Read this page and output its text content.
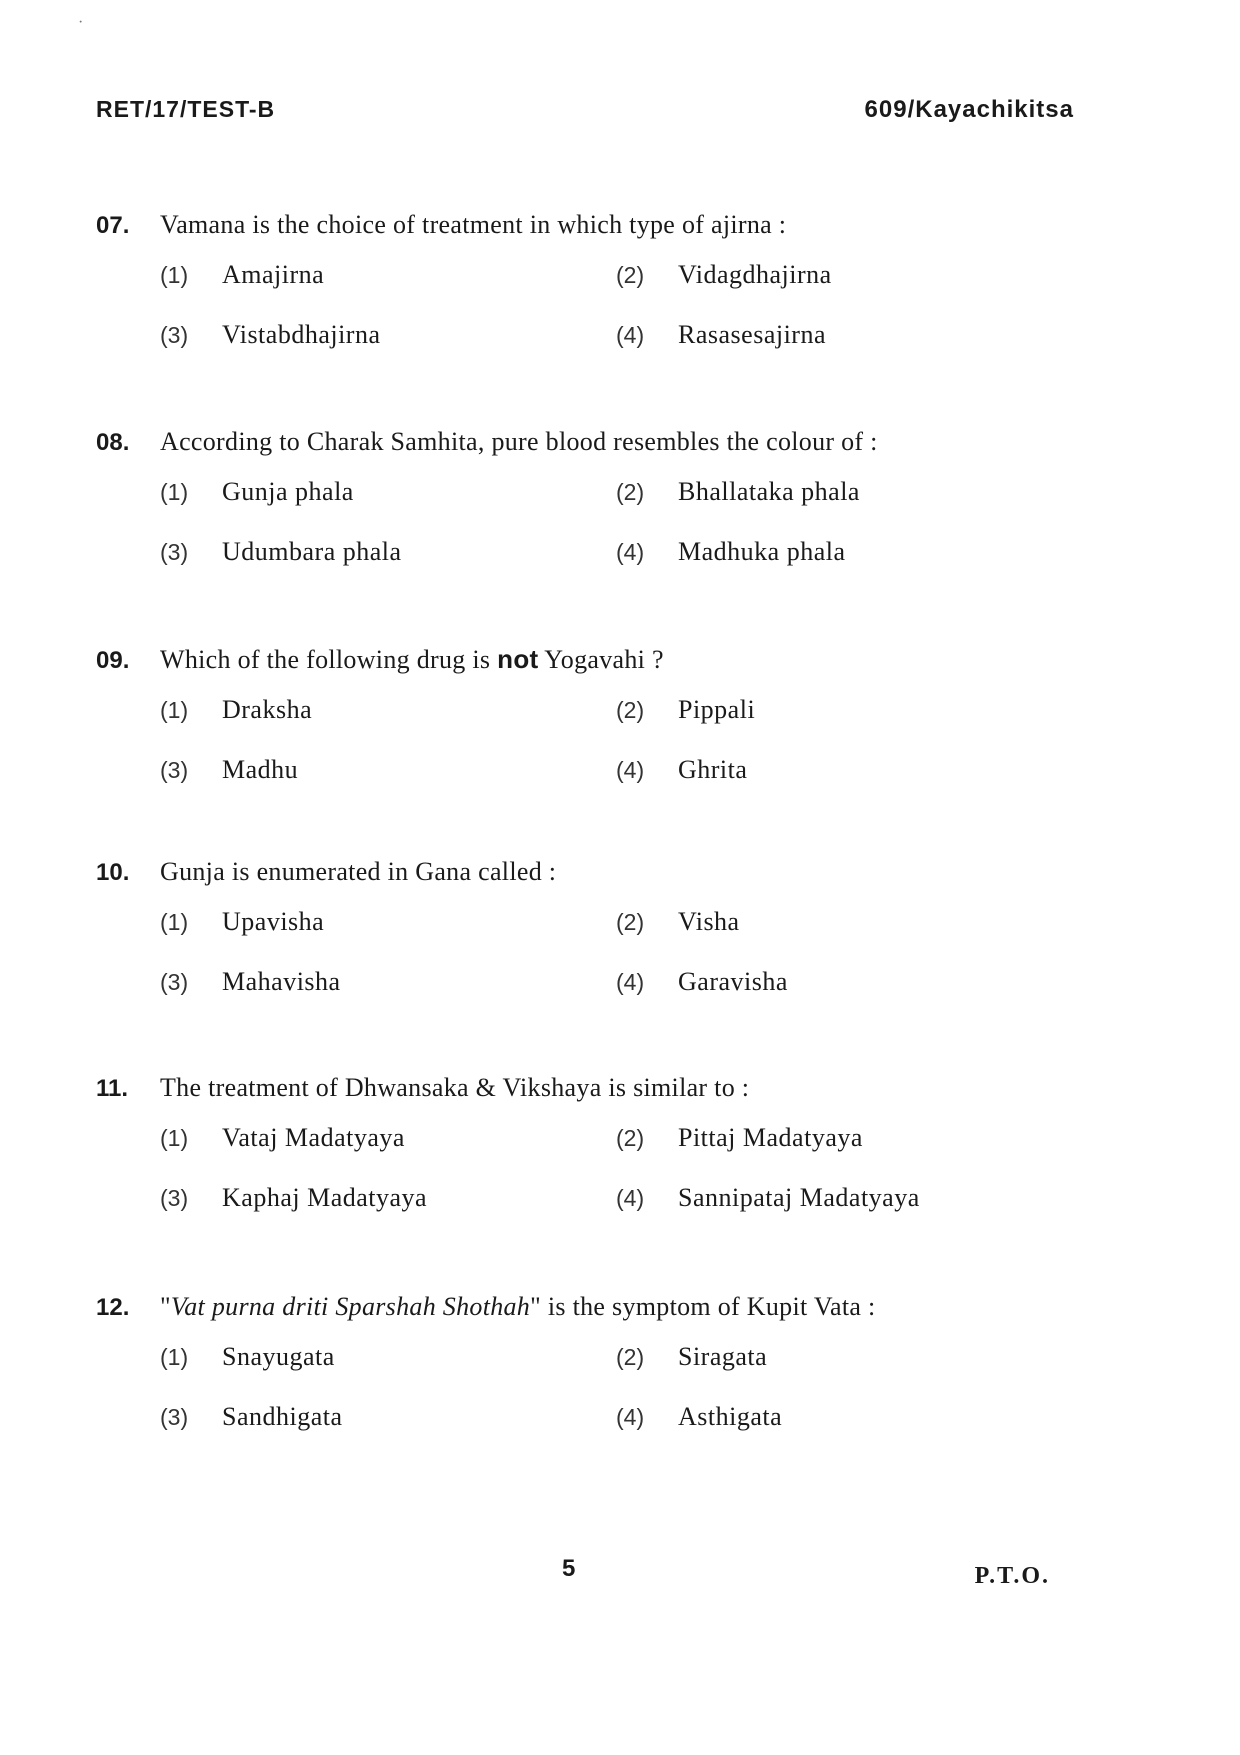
·
RET/17/TEST-B	609/Kayachikitsa
07.	Vamana is the choice of treatment in which type of ajirna :
(1)	Amajirna	(2)	Vidagdhajirna
(3)	Vistabdhajirna	(4)	Rasasesajirna
08.	According to Charak Samhita, pure blood resembles the colour of :
(1)	Gunja phala	(2)	Bhallataka phala
(3)	Udumbara phala	(4)	Madhuka phala
09.	Which of the following drug is not Yogavahi ?
(1)	Draksha	(2)	Pippali
(3)	Madhu	(4)	Ghrita
10.	Gunja is enumerated in Gana called :
(1)	Upavisha	(2)	Visha
(3)	Mahavisha	(4)	Garavisha
11.	The treatment of Dhwansaka & Vikshaya is similar to :
(1)	Vataj Madatyaya	(2)	Pittaj Madatyaya
(3)	Kaphaj Madatyaya	(4)	Sannipataj Madatyaya
12.	"Vat purna driti Sparshah Shothah" is the symptom of Kupit Vata :
(1)	Snayugata	(2)	Siragata
(3)	Sandhigata	(4)	Asthigata
5	P.T.O.
